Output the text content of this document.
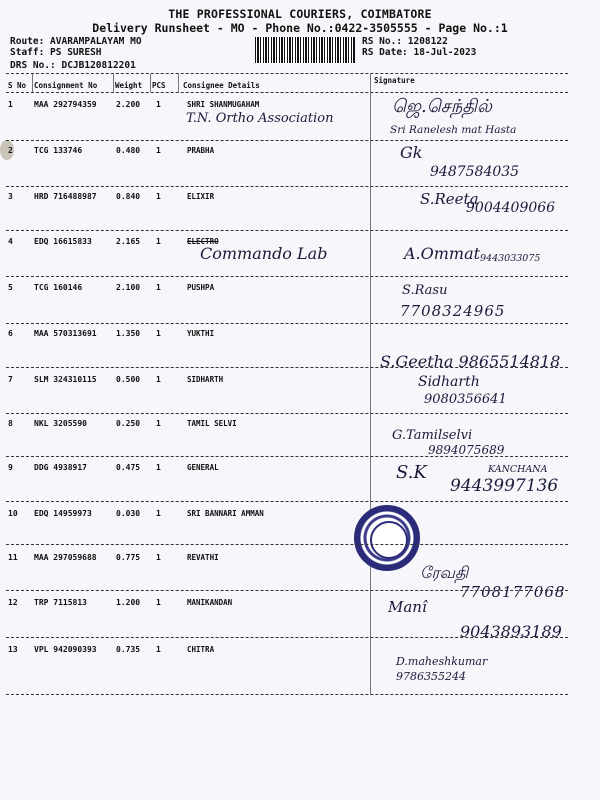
THE PROFESSIONAL COURIERS, COIMBATORE
Delivery Runsheet - MO - Phone No.:0422-3505555 - Page No.:1
Route: AVARAMPALAYAM MO
Staff: PS SURESH
DRS No.: DCJB120812201
RS No.: 1208122
RS Date: 18-Jul-2023
S No Consignment No Weight PCS Consignee Details
Signature
1	MAA 292794359 2.200 1	SHRI SHANMUGAHAM
T.N. Ortho Association
ஜெ.செந்தில்
Sri Ranelesh mat Hasta
2	TCG 133746	0.480 1	PRABHA	Gk
9487584035
3	HRD 716488987 0.840 1	ELIXIR	S.Reeta
9004409066
4	EDQ 16615833	2.165 1	ELECTRO
Commando Lab	A.Ommat 9443033075
5	TCG 160146	2.100 1	PUSHPA	S.Rasu
7708324965
6	MAA 570313691 1.350 1	YUKTHI
S.Geetha 9865514818
7	SLM 324310115 0.500 1	SIDHARTH	Sidharth
9080356641
8	NKL 3205590	0.250 1	TAMIL SELVI
G.Tamilselvi
9894075689
9	DDG 4938917	0.475 1	GENERAL	S.K	KANCHANA
9443997136
10 EDQ 14959973	0.030 1	SRI BANNARI AMMAN
11 MAA 297059688 0.775 1	REVATHI
ரேவதி
7708177068
12 TRP 7115813	1.200 1	MANIKANDAN	Manî
9043893189
13 VPL 942090393 0.735 1	CHITRA
D.maheshkumar 9786355244
